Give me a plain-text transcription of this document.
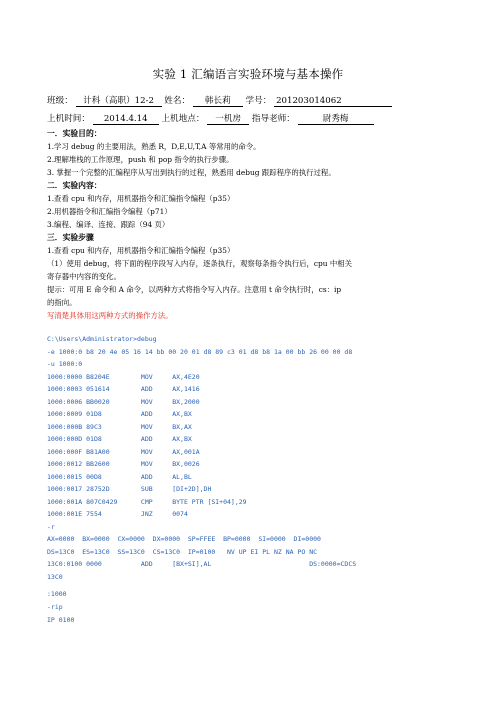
实验 1 汇编语言实验环境与基本操作
班级： 计科（高职）12-2 姓名： 韩长莉 学号： 201203014062
上机时间： 2014.4.14 上机地点： 一机房 指导老师：	尉秀梅
一．实验目的：
1.学习 debug 的主要用法，熟悉 R，D,E,U,T,A 等常用的命令。
2.理解堆栈的工作原理，push 和 pop 指令的执行步骤。
3. 掌握一个完整的汇编程序从写出到执行的过程，熟悉用 debug 跟踪程序的执行过程。
二．实验内容：
1.查看 cpu 和内存，用机器指令和汇编指令编程（p35）
2.用机器指令和汇编指令编程（p71）
3.编程、编译、连接、跟踪（94 页）
三．实验步骤
1.查看 cpu 和内存，用机器指令和汇编指令编程（p35）
（1）使用 debug，将下面的程序段写入内存，逐条执行，观察每条指令执行后，cpu 中相关
寄存器中内容的变化。
提示：可用 E 命令和 A 命令，以两种方式将指令写入内存。注意用 t 命令执行时，cs：ip
的指向。
写清楚具体用这两种方式的操作方法。
C:\Users\Administrator>debug
-e 1000:0 b8 20 4e 05 16 14 bb 00 20 01 d8 89 c3 01 d8 b8 1a 00 bb 26 00 00 d8
-u 1000:0
1000:0000 B8204E        MOV     AX,4E20
1000:0003 051614        ADD     AX,1416
1000:0006 BB0020        MOV     BX,2000
1000:0009 01D8          ADD     AX,BX
1000:000B 89C3          MOV     BX,AX
1000:000D 01D8          ADD     AX,BX
1000:000F B81A00        MOV     AX,001A
1000:0012 BB2600        MOV     BX,0026
1000:0015 00D8          ADD     AL,BL
1000:0017 28752D        SUB     [DI+2D],DH
1000:001A 807C0429      CMP     BYTE PTR [SI+04],29
1000:001E 7554          JNZ     0074
-r
AX=0000  BX=0000  CX=0000  DX=0000  SP=FFEE  BP=0000  SI=0000  DI=0000
DS=13C0  ES=13C0  SS=13C0  CS=13C0  IP=0100   NV UP EI PL NZ NA PO NC
13C0:0100 0000          ADD     [BX+SI],AL                         DS:0000=CDCS
13C0
:1000
-rip
IP 0100
